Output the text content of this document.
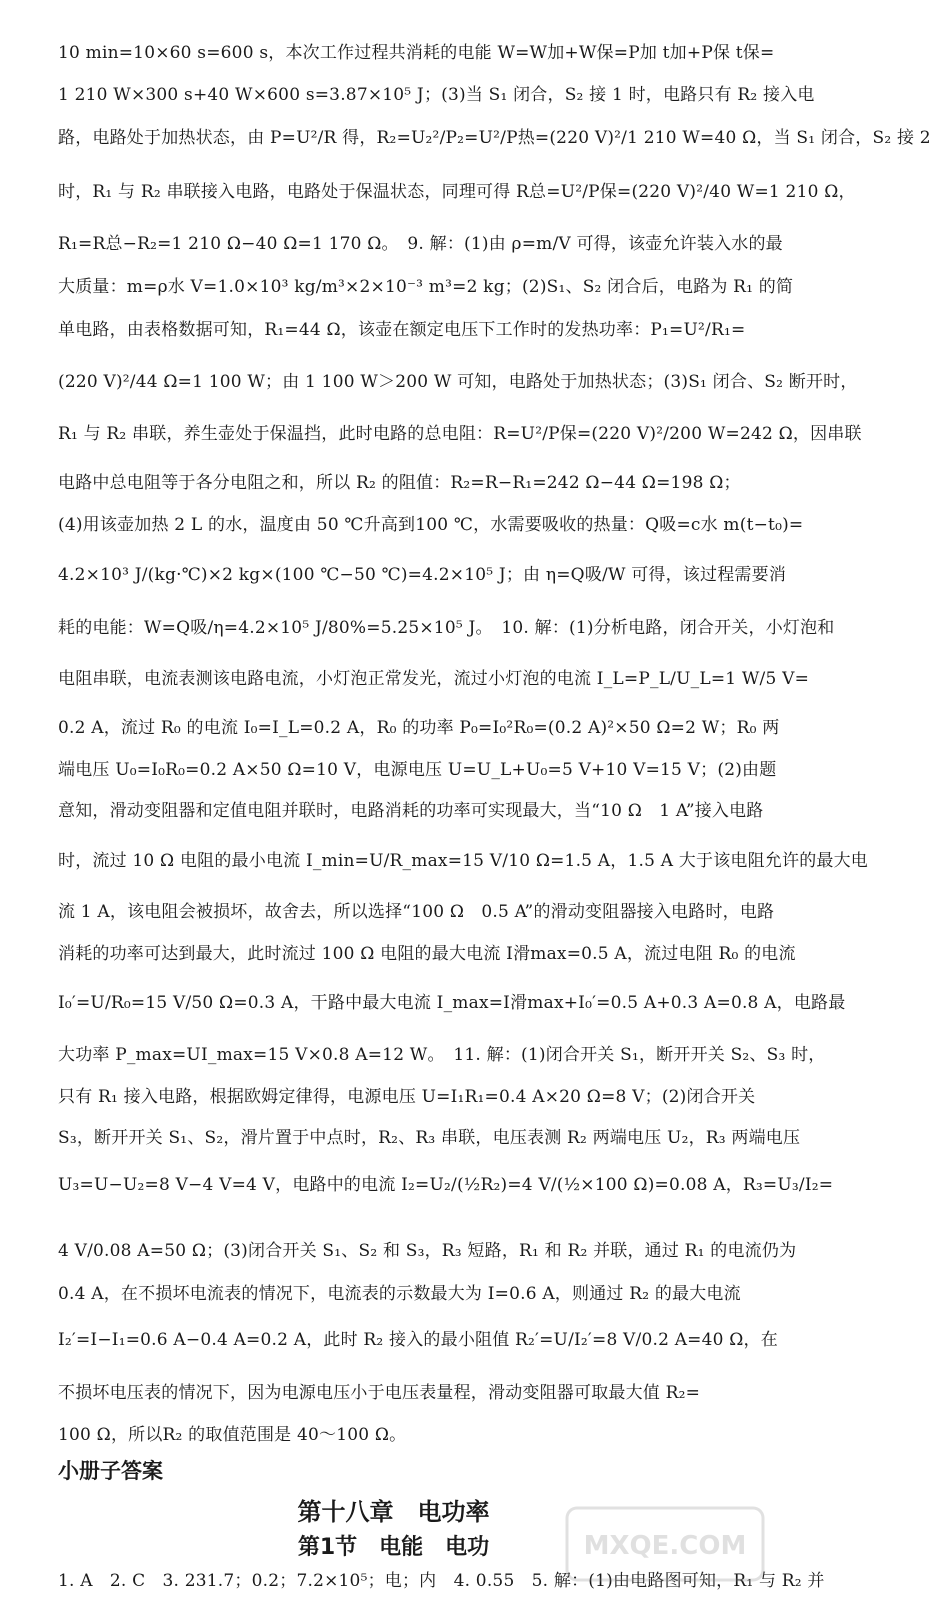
10 min=10×60 s=600 s，本次工作过程共消耗的电能 W=W加+W保=P加 t加+P保 t保=
1 210 W×300 s+40 W×600 s=3.87×10⁵ J；(3)当 S₁ 闭合，S₂ 接 1 时，电路只有 R₂ 接入电
路，电路处于加热状态，由 P=U²/R 得，R₂=U₂²/P₂=U²/P热=(220 V)²/1 210 W=40 Ω，当 S₁ 闭合，S₂ 接 2
时，R₁ 与 R₂ 串联接入电路，电路处于保温状态，同理可得 R总=U²/P保=(220 V)²/40 W=1 210 Ω，
R₁=R总−R₂=1 210 Ω−40 Ω=1 170 Ω。　9. 解：(1)由 ρ=m/V 可得，该壶允许装入水的最
大质量：m=ρ水 V=1.0×10³ kg/m³×2×10⁻³ m³=2 kg；(2)S₁、S₂ 闭合后，电路为 R₁ 的简
单电路，由表格数据可知，R₁=44 Ω，该壶在额定电压下工作时的发热功率：P₁=U²/R₁=
(220 V)²/44 Ω=1 100 W；由 1 100 W＞200 W 可知，电路处于加热状态；(3)S₁ 闭合、S₂ 断开时，
R₁ 与 R₂ 串联，养生壶处于保温挡，此时电路的总电阻：R=U²/P保=(220 V)²/200 W=242 Ω，因串联
电路中总电阻等于各分电阻之和，所以 R₂ 的阻值：R₂=R−R₁=242 Ω−44 Ω=198 Ω；
(4)用该壶加热 2 L 的水，温度由 50 ℃升高到100 ℃，水需要吸收的热量：Q吸=c水 m(t−t₀)=
4.2×10³ J/(kg·℃)×2 kg×(100 ℃−50 ℃)=4.2×10⁵ J；由 η=Q吸/W 可得，该过程需要消
耗的电能：W=Q吸/η=4.2×10⁵ J/80%=5.25×10⁵ J。　10. 解：(1)分析电路，闭合开关，小灯泡和
电阻串联，电流表测该电路电流，小灯泡正常发光，流过小灯泡的电流 I_L=P_L/U_L=1 W/5 V=
0.2 A，流过 R₀ 的电流 I₀=I_L=0.2 A，R₀ 的功率 P₀=I₀²R₀=(0.2 A)²×50 Ω=2 W；R₀ 两
端电压 U₀=I₀R₀=0.2 A×50 Ω=10 V，电源电压 U=U_L+U₀=5 V+10 V=15 V；(2)由题
意知，滑动变阻器和定值电阻并联时，电路消耗的功率可实现最大，当“10 Ω　1 A”接入电路
时，流过 10 Ω 电阻的最小电流 I_min=U/R_max=15 V/10 Ω=1.5 A，1.5 A 大于该电阻允许的最大电
流 1 A，该电阻会被损坏，故舍去，所以选择“100 Ω　0.5 A”的滑动变阻器接入电路时，电路
消耗的功率可达到最大，此时流过 100 Ω 电阻的最大电流 I滑max=0.5 A，流过电阻 R₀ 的电流
I₀′=U/R₀=15 V/50 Ω=0.3 A，干路中最大电流 I_max=I滑max+I₀′=0.5 A+0.3 A=0.8 A，电路最
大功率 P_max=UI_max=15 V×0.8 A=12 W。　11. 解：(1)闭合开关 S₁，断开开关 S₂、S₃ 时，
只有 R₁ 接入电路，根据欧姆定律得，电源电压 U=I₁R₁=0.4 A×20 Ω=8 V；(2)闭合开关
S₃，断开开关 S₁、S₂，滑片置于中点时，R₂、R₃ 串联，电压表测 R₂ 两端电压 U₂，R₃ 两端电压
U₃=U−U₂=8 V−4 V=4 V，电路中的电流 I₂=U₂/(½R₂)=4 V/(½×100 Ω)=0.08 A，R₃=U₃/I₂=
4 V/0.08 A=50 Ω；(3)闭合开关 S₁、S₂ 和 S₃，R₃ 短路，R₁ 和 R₂ 并联，通过 R₁ 的电流仍为
0.4 A，在不损坏电流表的情况下，电流表的示数最大为 I=0.6 A，则通过 R₂ 的最大电流
I₂′=I−I₁=0.6 A−0.4 A=0.2 A，此时 R₂ 接入的最小阻值 R₂′=U/I₂′=8 V/0.2 A=40 Ω，在
不损坏电压表的情况下，因为电源电压小于电压表量程，滑动变阻器可取最大值 R₂=
100 Ω，所以R₂ 的取值范围是 40～100 Ω。
小册子答案
第十八章　电功率
第1节　电能　电功
1. A　2. C　3. 231.7；0.2；7.2×10⁵；电；内　4. 0.55　5. 解：(1)由电路图可知，R₁ 与 R₂ 并
MXQE.COM
